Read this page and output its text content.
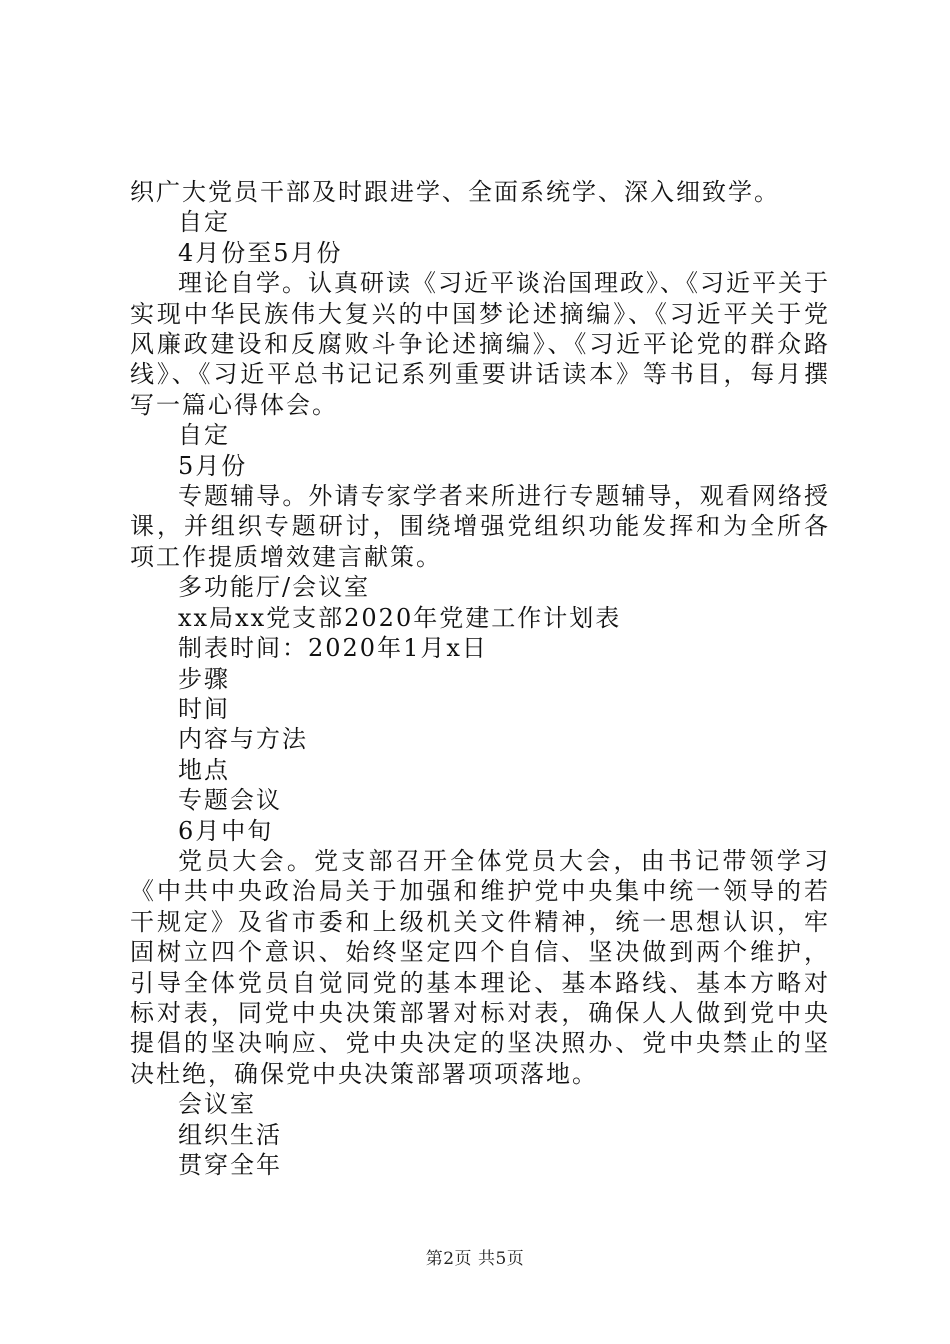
织广大党员干部及时跟进学、全面系统学、深入细致学。

自定

4月份至5月份

理论自学。认真研读《习近平谈治国理政》、《习近平关于实现中华民族伟大复兴的中国梦论述摘编》、《习近平关于党风廉政建设和反腐败斗争论述摘编》、《习近平论党的群众路线》、《习近平总书记记系列重要讲话读本》等书目，每月撰写一篇心得体会。

自定

5月份

专题辅导。外请专家学者来所进行专题辅导，观看网络授课，并组织专题研讨，围绕增强党组织功能发挥和为全所各项工作提质增效建言献策。

多功能厅/会议室

xx局xx党支部2020年党建工作计划表

制表时间：2020年1月x日

步骤

时间

内容与方法

地点

专题会议

6月中旬

党员大会。党支部召开全体党员大会，由书记带领学习《中共中央政治局关于加强和维护党中央集中统一领导的若干规定》及省市委和上级机关文件精神，统一思想认识，牢固树立四个意识、始终坚定四个自信、坚决做到两个维护，引导全体党员自觉同党的基本理论、基本路线、基本方略对标对表，同党中央决策部署对标对表，确保人人做到党中央提倡的坚决响应、党中央决定的坚决照办、党中央禁止的坚决杜绝，确保党中央决策部署项项落地。

会议室

组织生活

贯穿全年

第2页 共5页
